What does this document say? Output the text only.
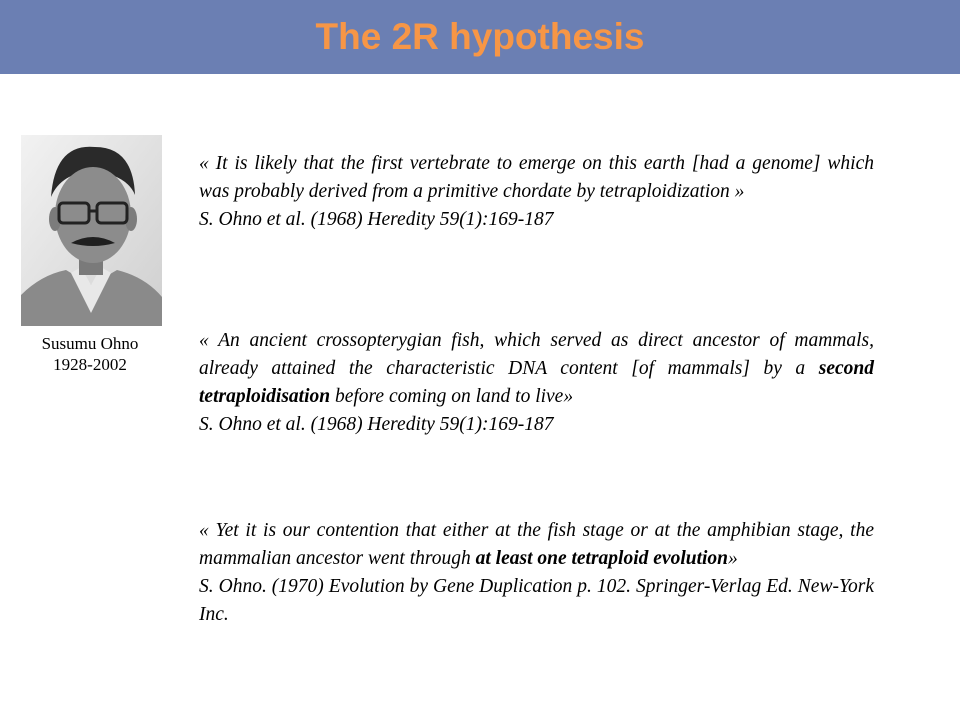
The 2R hypothesis
Susumu Ohno
1928-2002

« It is likely that the first vertebrate to emerge on this earth [had a genome] which was probably derived from a primitive chordate by tetraploidization »

S. Ohno et al. (1968) Heredity 59(1):169-187

« An ancient crossopterygian fish, which served as direct ancestor of mammals, already attained the characteristic DNA content [of mammals] by a second tetraploidisation before coming on land to live»

S. Ohno et al. (1968) Heredity 59(1):169-187

« Yet it is our contention that either at the fish stage or at the amphibian stage, the mammalian ancestor went through at least one tetraploid evolution»

S. Ohno. (1970) Evolution by Gene Duplication p. 102. Springer-Verlag Ed. New-York Inc.
